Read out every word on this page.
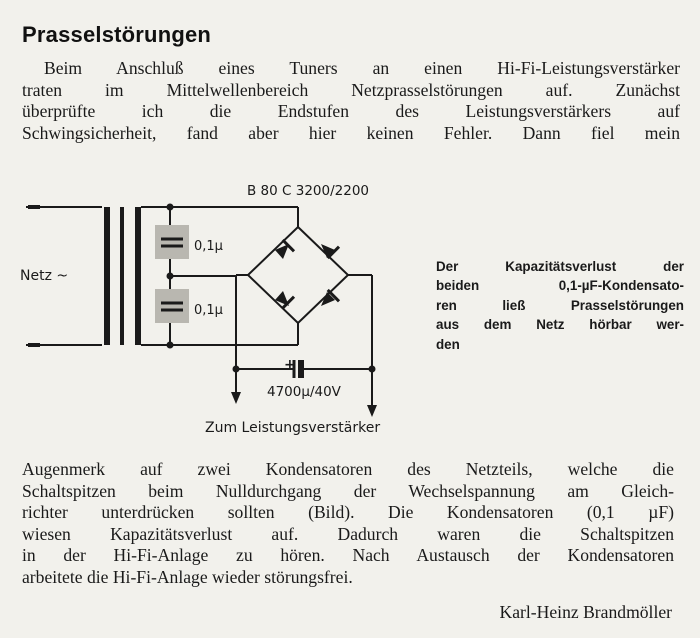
Prasselstörungen

Beim Anschluß eines Tuners an einen Hi-Fi-Leistungsverstärker
traten im Mittelwellenbereich Netzprasselstörungen auf. Zunächst
überprüfte ich die Endstufen des Leistungsverstärkers auf
Schwingsicherheit, fand aber hier keinen Fehler. Dann fiel mein

B 80 C 3200/2200
Netz ~
0,1µ
0,1µ
+
4700µ/40V
Zum Leistungsverstärker

Der Kapazitätsverlust der
beiden 0,1-µF-Kondensato-
ren ließ Prasselstörungen
aus dem Netz hörbar wer-
den

Augenmerk auf zwei Kondensatoren des Netzteils, welche die
Schaltspitzen beim Nulldurchgang der Wechselspannung am Gleich-
richter unterdrücken sollten (Bild). Die Kondensatoren (0,1 µF)
wiesen Kapazitätsverlust auf. Dadurch waren die Schaltspitzen
in der Hi-Fi-Anlage zu hören. Nach Austausch der Kondensatoren
arbeitete die Hi-Fi-Anlage wieder störungsfrei.

Karl-Heinz Brandmöller
